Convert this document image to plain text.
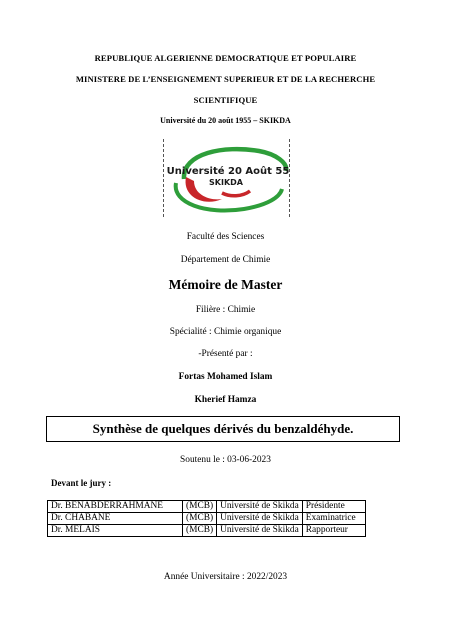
REPUBLIQUE ALGERIENNE DEMOCRATIQUE ET POPULAIRE
MINISTERE DE L’ENSEIGNEMENT SUPERIEUR ET DE LA RECHERCHE
SCIENTIFIQUE
Université du 20 août 1955 – SKIKDA
Université 20 Août 55
SKIKDA
Faculté des Sciences
Département de Chimie
Mémoire de Master
Filière : Chimie
Spécialité : Chimie organique
-Présenté par :
Fortas Mohamed Islam
Kherief Hamza
Synthèse de quelques dérivés du benzaldéhyde.
Soutenu le : 03-06-2023
Devant le jury :
Dr. BENABDERRAHMANE	(MCB)	Université de Skikda	Présidente
Dr. CHABANE	(MCB)	Université de Skikda	Examinatrice
Dr. MELAIS	(MCB)	Université de Skikda	Rapporteur
Année Universitaire : 2022/2023
